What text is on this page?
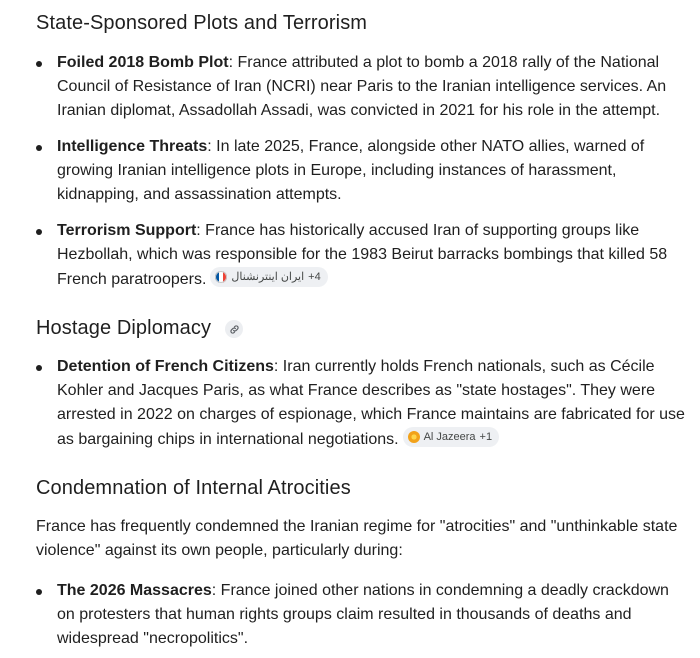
State-Sponsored Plots and Terrorism
Foiled 2018 Bomb Plot: France attributed a plot to bomb a 2018 rally of the National Council of Resistance of Iran (NCRI) near Paris to the Iranian intelligence services. An Iranian diplomat, Assadollah Assadi, was convicted in 2021 for his role in the attempt.
Intelligence Threats: In late 2025, France, alongside other NATO allies, warned of growing Iranian intelligence plots in Europe, including instances of harassment, kidnapping, and assassination attempts.
Terrorism Support: France has historically accused Iran of supporting groups like Hezbollah, which was responsible for the 1983 Beirut barracks bombings that killed 58 French paratroopers. ایران اینترنشنال +4
Hostage Diplomacy
Detention of French Citizens: Iran currently holds French nationals, such as Cécile Kohler and Jacques Paris, as what France describes as "state hostages". They were arrested in 2022 on charges of espionage, which France maintains are fabricated for use as bargaining chips in international negotiations. Al Jazeera +1
Condemnation of Internal Atrocities
France has frequently condemned the Iranian regime for "atrocities" and "unthinkable state violence" against its own people, particularly during:
The 2026 Massacres: France joined other nations in condemning a deadly crackdown on protesters that human rights groups claim resulted in thousands of deaths and widespread "necropolitics".
